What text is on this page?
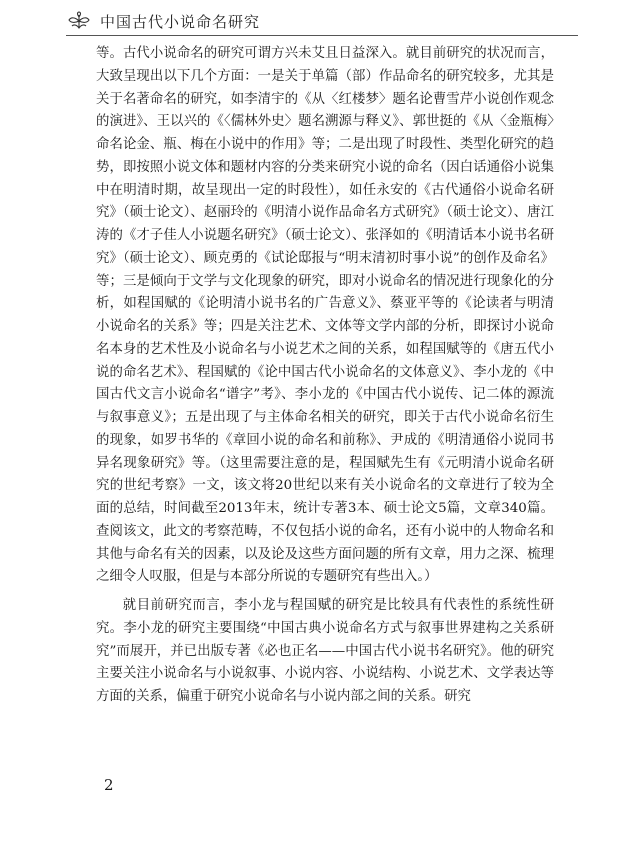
中国古代小说命名研究

等。古代小说命名的研究可谓方兴未艾且日益深入。就目前研究的状况而言，大致呈现出以下几个方面：一是关于单篇（部）作品命名的研究较多，尤其是关于名著命名的研究，如李清宇的《从〈红楼梦〉题名论曹雪芹小说创作观念的演进》、王以兴的《〈儒林外史〉题名溯源与释义》、郭世挺的《从〈金瓶梅〉命名论金、瓶、梅在小说中的作用》等；二是出现了时段性、类型化研究的趋势，即按照小说文体和题材内容的分类来研究小说的命名（因白话通俗小说集中在明清时期，故呈现出一定的时段性），如任永安的《古代通俗小说命名研究》（硕士论文）、赵丽玲的《明清小说作品命名方式研究》（硕士论文）、唐江涛的《才子佳人小说题名研究》（硕士论文）、张泽如的《明清话本小说书名研究》（硕士论文）、顾克勇的《试论邸报与“明末清初时事小说”的创作及命名》等；三是倾向于文学与文化现象的研究，即对小说命名的情况进行现象化的分析，如程国赋的《论明清小说书名的广告意义》、蔡亚平等的《论读者与明清小说命名的关系》等；四是关注艺术、文体等文学内部的分析，即探讨小说命名本身的艺术性及小说命名与小说艺术之间的关系，如程国赋等的《唐五代小说的命名艺术》、程国赋的《论中国古代小说命名的文体意义》、李小龙的《中国古代文言小说命名“谱字”考》、李小龙的《中国古代小说传、记二体的源流与叙事意义》；五是出现了与主体命名相关的研究，即关于古代小说命名衍生的现象，如罗书华的《章回小说的命名和前称》、尹成的《明清通俗小说同书异名现象研究》等。（这里需要注意的是，程国赋先生有《元明清小说命名研究的世纪考察》一文，该文将20世纪以来有关小说命名的文章进行了较为全面的总结，时间截至2013年末，统计专著3本、硕士论文5篇，文章340篇。查阅该文，此文的考察范畴，不仅包括小说的命名，还有小说中的人物命名和其他与命名有关的因素，以及论及这些方面问题的所有文章，用力之深、梳理之细令人叹服，但是与本部分所说的专题研究有些出入。）

就目前研究而言，李小龙与程国赋的研究是比较具有代表性的系统性研究。李小龙的研究主要围绕“中国古典小说命名方式与叙事世界建构之关系研究”而展开，并已出版专著《必也正名——中国古代小说书名研究》。他的研究主要关注小说命名与小说叙事、小说内容、小说结构、小说艺术、文学表达等方面的关系，偏重于研究小说命名与小说内部之间的关系。研究

2
